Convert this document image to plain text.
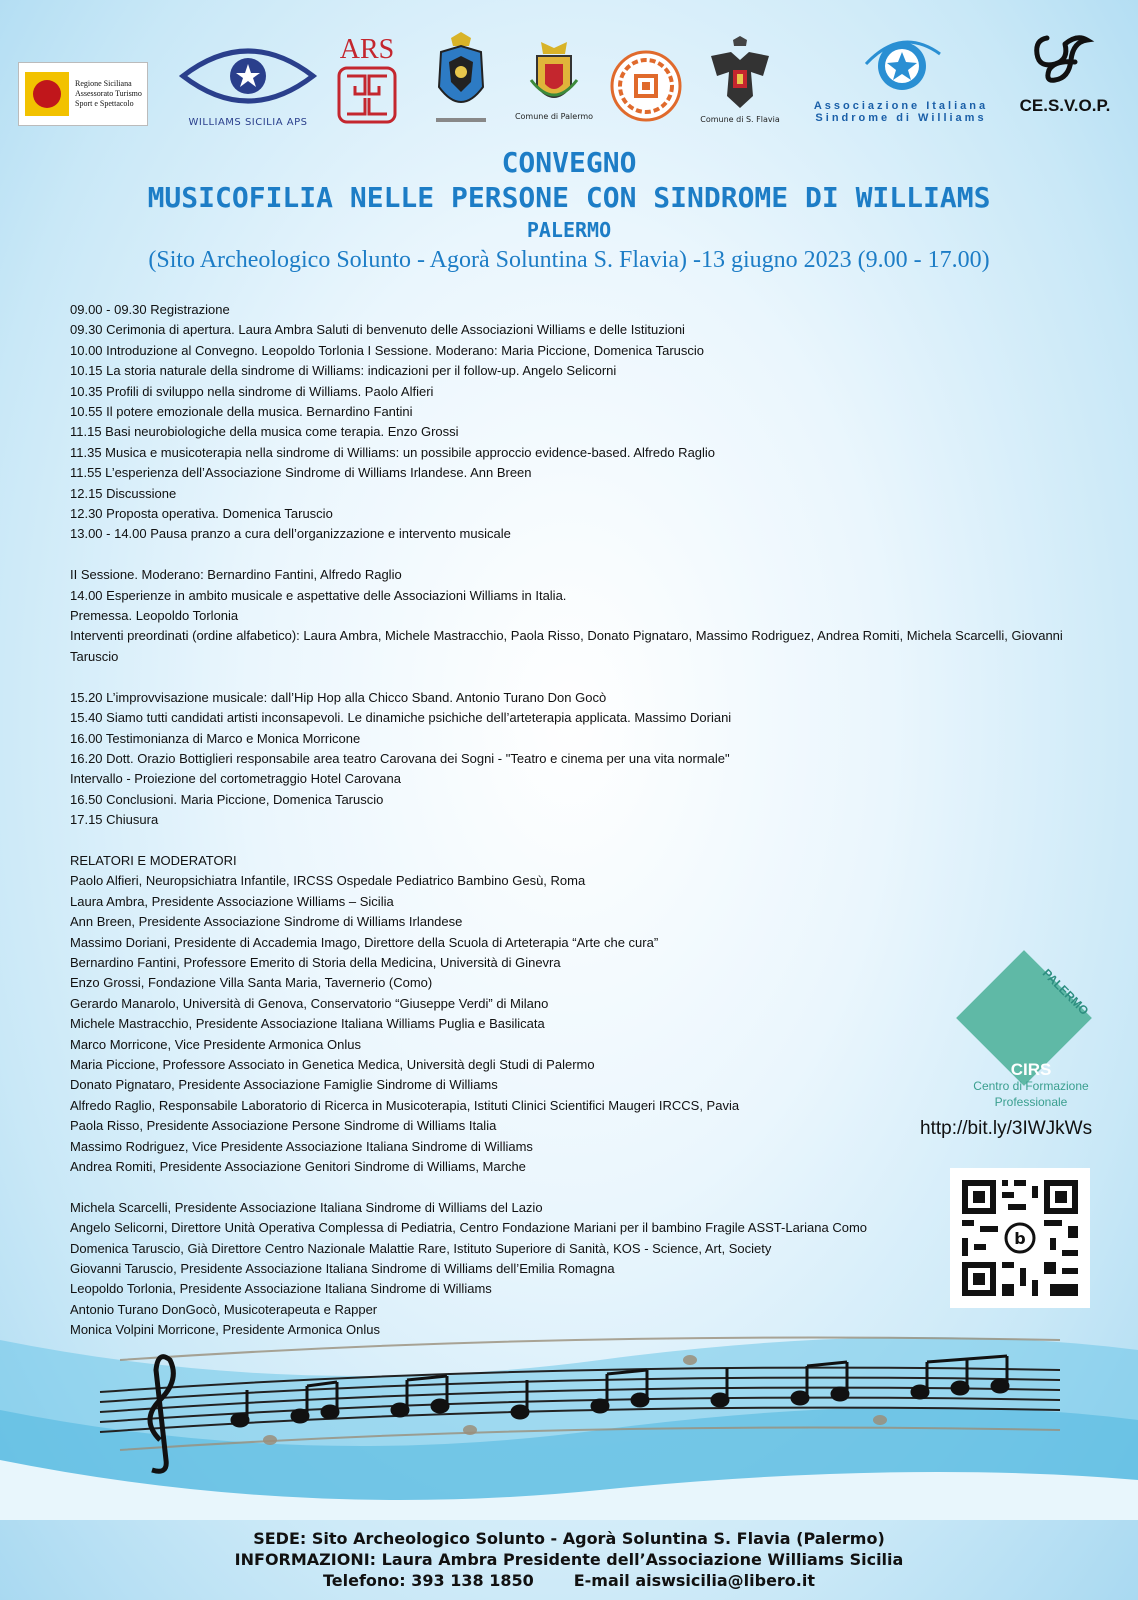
Regione Siciliana
Assessorato Turismo
Sport e Spettacolo
WILLIAMS SICILIA APS
ARS
Comune di Palermo	Comune di S. Flavia
Associazione Italiana
Sindrome di Williams
CE.S.V.O.P.
CONVEGNO
MUSICOFILIA NELLE PERSONE CON SINDROME DI WILLIAMS
PALERMO
(Sito Archeologico Solunto - Agorà Soluntina S. Flavia) -13 giugno 2023 (9.00 - 17.00)
09.00 - 09.30 Registrazione
09.30 Cerimonia di apertura. Laura Ambra Saluti di benvenuto delle Associazioni Williams e delle Istituzioni
10.00 Introduzione al Convegno. Leopoldo Torlonia I Sessione. Moderano: Maria Piccione, Domenica Taruscio
10.15 La storia naturale della sindrome di Williams: indicazioni per il follow-up. Angelo Selicorni
10.35 Profili di sviluppo nella sindrome di Williams. Paolo Alfieri
10.55 Il potere emozionale della musica. Bernardino Fantini
11.15 Basi neurobiologiche della musica come terapia. Enzo Grossi
11.35 Musica e musicoterapia nella sindrome di Williams: un possibile approccio evidence-based. Alfredo Raglio
11.55 L’esperienza dell’Associazione Sindrome di Williams Irlandese. Ann Breen
12.15 Discussione
12.30 Proposta operativa. Domenica Taruscio
13.00 - 14.00 Pausa pranzo a cura dell’organizzazione e intervento musicale
II Sessione. Moderano: Bernardino Fantini, Alfredo Raglio
14.00 Esperienze in ambito musicale e aspettative delle Associazioni Williams in Italia.
Premessa. Leopoldo Torlonia
Interventi preordinati (ordine alfabetico): Laura Ambra, Michele Mastracchio, Paola Risso, Donato Pignataro, Massimo Rodriguez, Andrea Romiti, Michela Scarcelli, Giovanni Taruscio
15.20 L’improvvisazione musicale: dall’Hip Hop alla Chicco Sband. Antonio Turano Don Gocò
15.40 Siamo tutti candidati artisti inconsapevoli. Le dinamiche psichiche dell’arteterapia applicata. Massimo Doriani
16.00 Testimonianza di Marco e Monica Morricone
16.20 Dott. Orazio Bottiglieri responsabile area teatro Carovana dei Sogni - "Teatro e cinema per una vita normale"
Intervallo - Proiezione del cortometraggio Hotel Carovana
16.50 Conclusioni. Maria Piccione, Domenica Taruscio
17.15 Chiusura
RELATORI E MODERATORI
Paolo Alfieri, Neuropsichiatra Infantile, IRCSS Ospedale Pediatrico Bambino Gesù, Roma
Laura Ambra, Presidente Associazione Williams – Sicilia
Ann Breen, Presidente Associazione Sindrome di Williams Irlandese
Massimo Doriani, Presidente di Accademia Imago, Direttore della Scuola di Arteterapia “Arte che cura”
Bernardino Fantini, Professore Emerito di Storia della Medicina, Università di Ginevra
Enzo Grossi, Fondazione Villa Santa Maria, Tavernerio (Como)
Gerardo Manarolo, Università di Genova, Conservatorio “Giuseppe Verdi” di Milano
Michele Mastracchio, Presidente Associazione Italiana Williams Puglia e Basilicata
Marco Morricone, Vice Presidente Armonica Onlus
Maria Piccione, Professore Associato in Genetica Medica, Università degli Studi di Palermo
Donato Pignataro, Presidente Associazione Famiglie Sindrome di Williams
Alfredo Raglio, Responsabile Laboratorio di Ricerca in Musicoterapia, Istituti Clinici Scientifici Maugeri IRCCS, Pavia
Paola Risso, Presidente Associazione Persone Sindrome di Williams Italia
Massimo Rodriguez, Vice Presidente Associazione Italiana Sindrome di Williams
Andrea Romiti, Presidente Associazione Genitori Sindrome di Williams, Marche
Michela Scarcelli, Presidente Associazione Italiana Sindrome di Williams del Lazio
Angelo Selicorni, Direttore Unità Operativa Complessa di Pediatria, Centro Fondazione Mariani per il bambino Fragile ASST-Lariana Como
Domenica Taruscio, Già Direttore Centro Nazionale Malattie Rare, Istituto Superiore di Sanità, KOS - Science, Art, Society
Giovanni Taruscio, Presidente Associazione Italiana Sindrome di Williams dell’Emilia Romagna
Leopoldo Torlonia, Presidente Associazione Italiana Sindrome di Williams
Antonio Turano DonGocò, Musicoterapeuta e Rapper
Monica Volpini Morricone, Presidente Armonica Onlus
PALERMO
CIRS
Centro di Formazione
Professionale
http://bit.ly/3IWJkWs
b
SEDE: Sito Archeologico Solunto - Agorà Soluntina S. Flavia (Palermo)
INFORMAZIONI: Laura Ambra Presidente dell’Associazione Williams Sicilia
Telefono: 393 138 1850	E-mail aiswsicilia@libero.it
